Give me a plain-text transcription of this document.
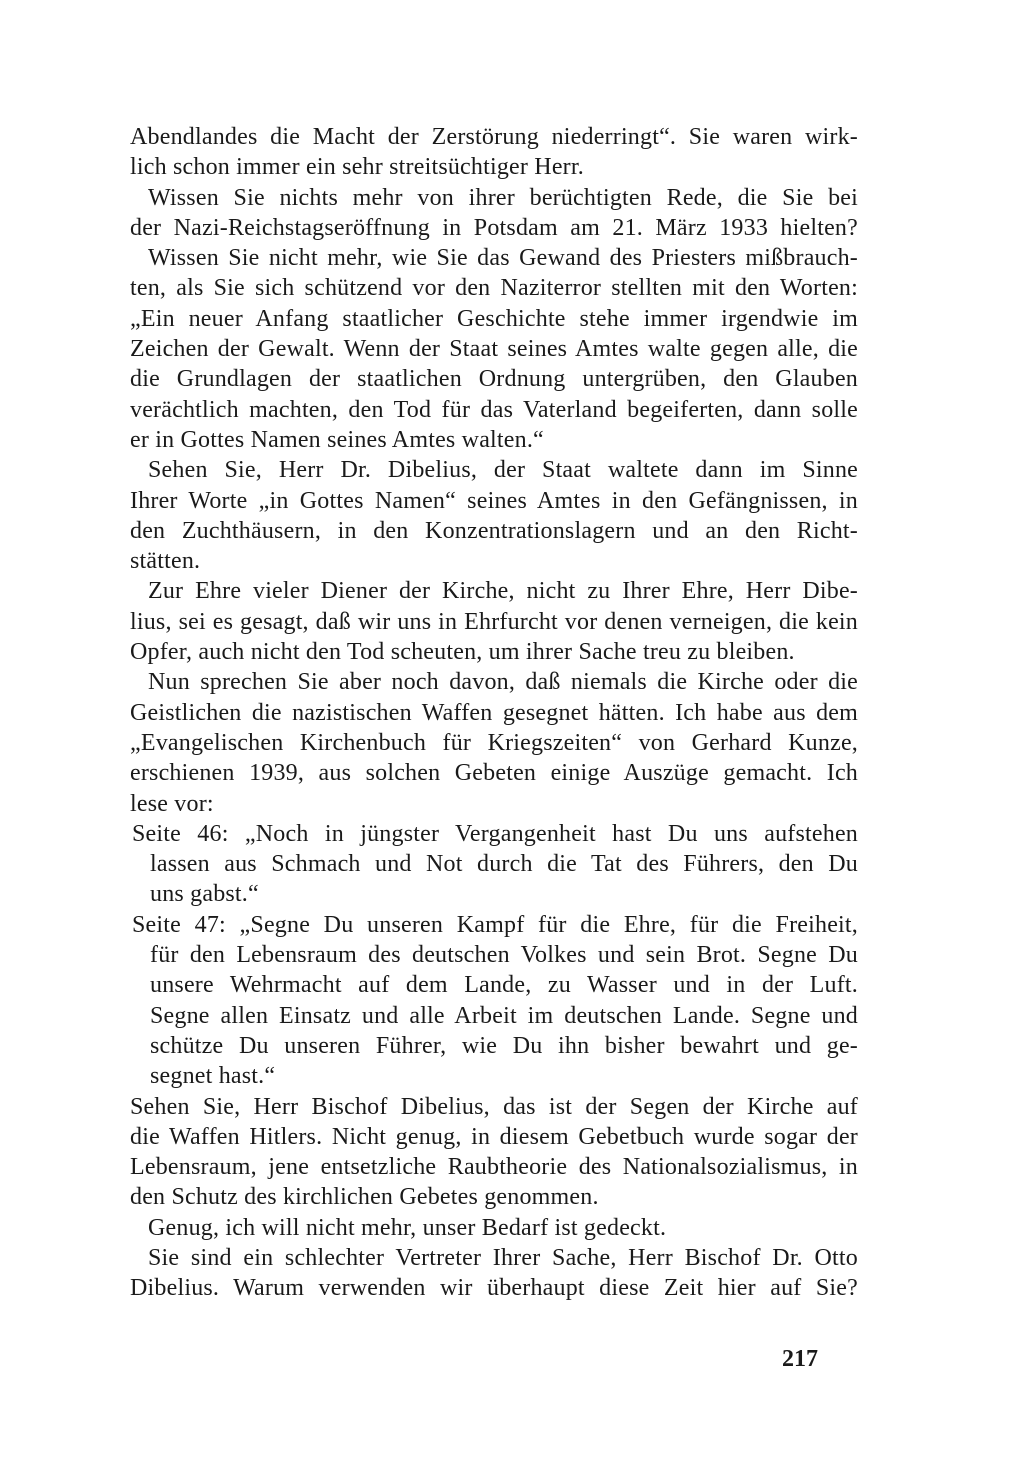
Abendlandes die Macht der Zerstörung niederringt“. Sie waren wirk-
lich schon immer ein sehr streitsüchtiger Herr.
Wissen Sie nichts mehr von ihrer berüchtigten Rede, die Sie bei
der Nazi-Reichstagseröffnung in Potsdam am 21. März 1933 hielten?
Wissen Sie nicht mehr, wie Sie das Gewand des Priesters mißbrauch-
ten, als Sie sich schützend vor den Naziterror stellten mit den Worten:
„Ein neuer Anfang staatlicher Geschichte stehe immer irgendwie im
Zeichen der Gewalt. Wenn der Staat seines Amtes walte gegen alle, die
die Grundlagen der staatlichen Ordnung untergrüben, den Glauben
verächtlich machten, den Tod für das Vaterland begeiferten, dann solle
er in Gottes Namen seines Amtes walten.“
Sehen Sie, Herr Dr. Dibelius, der Staat waltete dann im Sinne
Ihrer Worte „in Gottes Namen“ seines Amtes in den Gefängnissen, in
den Zuchthäusern, in den Konzentrationslagern und an den Richt-
stätten.
Zur Ehre vieler Diener der Kirche, nicht zu Ihrer Ehre, Herr Dibe-
lius, sei es gesagt, daß wir uns in Ehrfurcht vor denen verneigen, die kein
Opfer, auch nicht den Tod scheuten, um ihrer Sache treu zu bleiben.
Nun sprechen Sie aber noch davon, daß niemals die Kirche oder die
Geistlichen die nazistischen Waffen gesegnet hätten. Ich habe aus dem
„Evangelischen Kirchenbuch für Kriegszeiten“ von Gerhard Kunze,
erschienen 1939, aus solchen Gebeten einige Auszüge gemacht. Ich
lese vor:
Seite 46: „Noch in jüngster Vergangenheit hast Du uns aufstehen
lassen aus Schmach und Not durch die Tat des Führers, den Du
uns gabst.“
Seite 47: „Segne Du unseren Kampf für die Ehre, für die Freiheit,
für den Lebensraum des deutschen Volkes und sein Brot. Segne Du
unsere Wehrmacht auf dem Lande, zu Wasser und in der Luft.
Segne allen Einsatz und alle Arbeit im deutschen Lande. Segne und
schütze Du unseren Führer, wie Du ihn bisher bewahrt und ge-
segnet hast.“
Sehen Sie, Herr Bischof Dibelius, das ist der Segen der Kirche auf
die Waffen Hitlers. Nicht genug, in diesem Gebetbuch wurde sogar der
Lebensraum, jene entsetzliche Raubtheorie des Nationalsozialismus, in
den Schutz des kirchlichen Gebetes genommen.
Genug, ich will nicht mehr, unser Bedarf ist gedeckt.
Sie sind ein schlechter Vertreter Ihrer Sache, Herr Bischof Dr. Otto
Dibelius. Warum verwenden wir überhaupt diese Zeit hier auf Sie?
217
